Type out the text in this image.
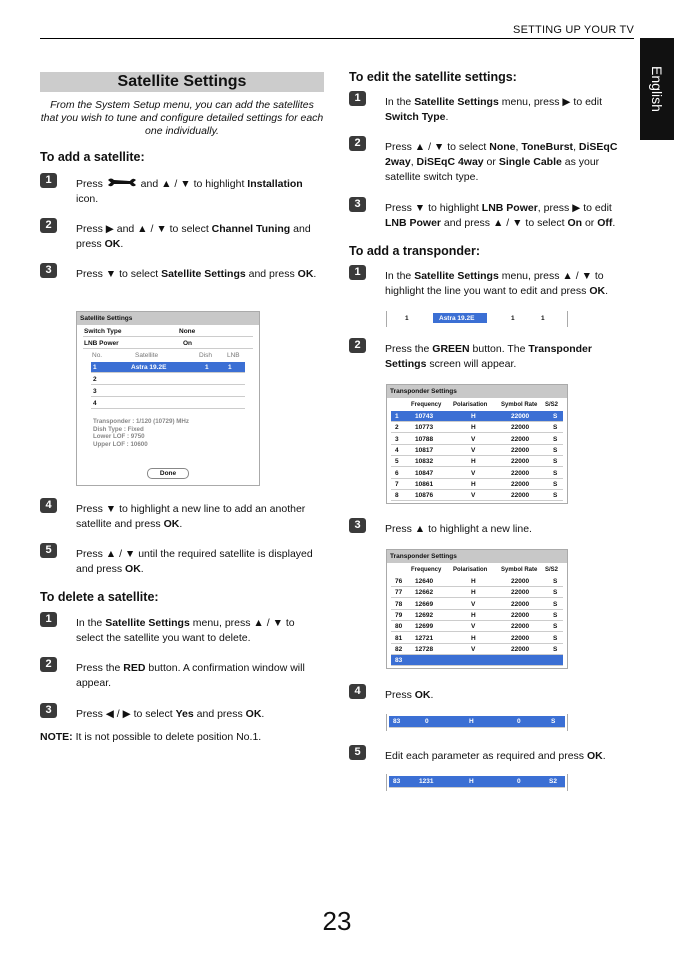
SETTING UP YOUR TV
English
Satellite Settings
From the System Setup menu, you can add the satellites that you wish to tune and configure detailed settings for each one individually.
To add a satellite:
1	Press	and ▲ / ▼ to highlight Installation icon.
2	Press ▶ and ▲ / ▼ to select Channel Tuning and press OK.
3	Press ▼ to select Satellite Settings and press OK.
Satellite Settings
Switch Type	None
LNB Power	On
No.	Satellite	Dish LNB
1	Astra 19.2E	1	1
2
3
4
Transponder : 1/120 (10729) MHz
Dish Type : Fixed
Lower LOF : 9750
Upper LOF : 10600
Done
4	Press ▼ to highlight a new line to add an another satellite and press OK.
5	Press ▲ / ▼ until the required satellite is displayed and press OK.
To delete a satellite:
1	In the Satellite Settings menu, press ▲ / ▼ to select the satellite you want to delete.
2	Press the RED button. A confirmation window will appear.
3	Press ◀ / ▶ to select Yes and press OK.
NOTE: It is not possible to delete position No.1.
To edit the satellite settings:
1	In the Satellite Settings menu, press ▶ to edit Switch Type.
2	Press ▲ / ▼ to select None, ToneBurst, DiSEqC 2way, DiSEqC 4way or Single Cable as your satellite switch type.
3	Press ▼ to highlight LNB Power, press ▶ to edit LNB Power and press ▲ / ▼ to select On or Off.
To add a transponder:
1	In the Satellite Settings menu, press ▲ / ▼ to highlight the line you want to edit and press OK.
1	Astra 19.2E	1	1
2	Press the GREEN button. The Transponder Settings screen will appear.
Transponder Settings
Frequency Polarisation Symbol Rate S/S2
1	10743	H	22000	S
2	10773	H	22000	S
3	10788	V	22000	S
4	10817	V	22000	S
5	10832	H	22000	S
6	10847	V	22000	S
7	10861	H	22000	S
8	10876	V	22000	S
3	Press ▲ to highlight a new line.
Transponder Settings
Frequency Polarisation Symbol Rate S/S2
76 12640	H	22000	S
77 12662	H	22000	S
78 12669	V	22000	S
79 12692	H	22000	S
80 12699	V	22000	S
81 12721	H	22000	S
82 12728	V	22000	S
83
4	Press OK.
83	0	H	0	S
5	Edit each parameter as required and press OK.
83	1231	H	0	S2
23
